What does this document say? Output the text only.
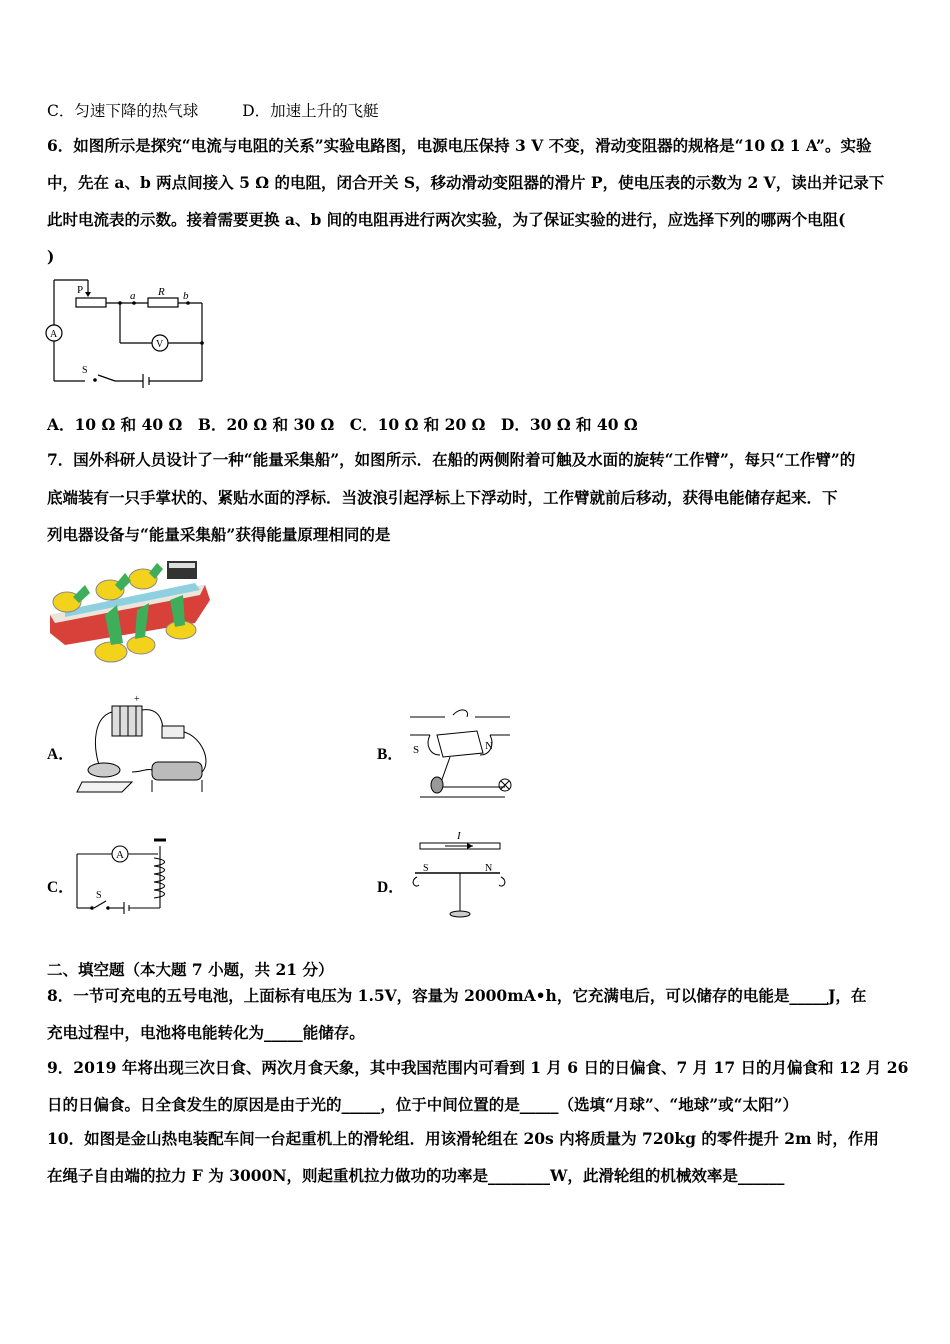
C．匀速下降的热气球	D．加速上升的飞艇
6．如图所示是探究“电流与电阻的关系”实验电路图，电源电压保持 3 V 不变，滑动变阻器的规格是“10 Ω 1 A”。实验
中，先在 a、b 两点间接入 5 Ω 的电阻，闭合开关 S，移动滑动变阻器的滑片 P，使电压表的示数为 2 V，读出并记录下
此时电流表的示数。接着需要更换 a、b 间的电阻再进行两次实验，为了保证实验的进行，应选择下列的哪两个电阻(
)
P	a R b
A
V
S
A．10 Ω 和 40 Ω　B．20 Ω 和 30 Ω　C．10 Ω 和 20 Ω　D．30 Ω 和 40 Ω
7．国外科研人员设计了一种“能量采集船”，如图所示．在船的两侧附着可触及水面的旋转“工作臂”，每只“工作臂”的
底端装有一只手掌状的、紧贴水面的浮标．当波浪引起浮标上下浮动时，工作臂就前后移动，获得电能储存起来．下
列电器设备与“能量采集船”获得能量原理相同的是
A．
+
B． S	N
C．
A
S	D．
I
S	N
二、填空题（本大题 7 小题，共 21 分）
8．一节可充电的五号电池，上面标有电压为 1.5V，容量为 2000mA•h，它充满电后，可以储存的电能是_____J，在
充电过程中，电池将电能转化为_____能储存。
9．2019 年将出现三次日食、两次月食天象，其中我国范围内可看到 1 月 6 日的日偏食、7 月 17 日的月偏食和 12 月 26
日的日偏食。日全食发生的原因是由于光的_____，位于中间位置的是_____（选填“月球”、“地球”或“太阳”）
10．如图是金山热电装配车间一台起重机上的滑轮组．用该滑轮组在 20s 内将质量为 720kg 的零件提升 2m 时，作用
在绳子自由端的拉力 F 为 3000N，则起重机拉力做功的功率是________W，此滑轮组的机械效率是______
